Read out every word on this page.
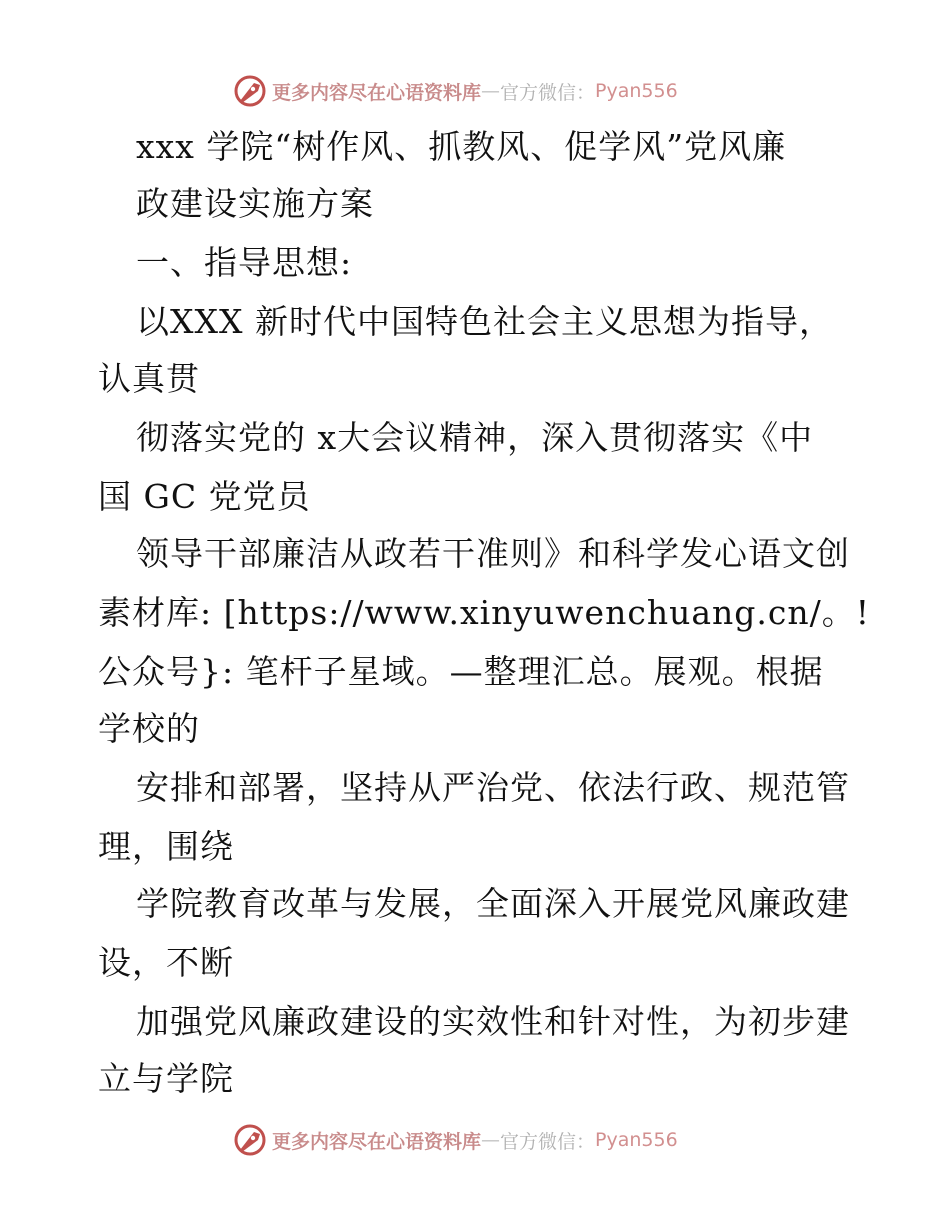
更多内容尽在心语资料库 — 官方微信： Pyan556
xxx 学院“树作风、抓教风、促学风”党风廉
政建设实施方案
一、指导思想:
以XXX 新时代中国特色社会主义思想为指导，
认真贯
彻落实党的 x大会议精神，深入贯彻落实《中
国 GC 党党员
领导干部廉洁从政若干准则》和科学发心语文创
素材库: [https://www.xinyuwenchuang.cn/。!
公众号}: 笔杆子星域。—整理汇总。展观。根据
学校的
安排和部署，坚持从严治党、依法行政、规范管
理，围绕
学院教育改革与发展，全面深入开展党风廉政建
设，不断
加强党风廉政建设的实效性和针对性，为初步建
立与学院
更多内容尽在心语资料库 — 官方微信： Pyan556
